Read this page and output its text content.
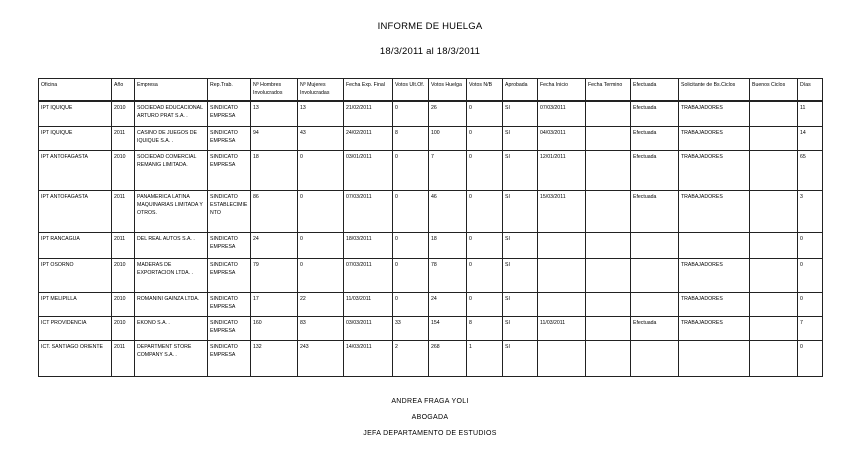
INFORME DE HUELGA
18/3/2011 al 18/3/2011
Oficina	Año	Empresa	Rep.Trab.	Nº Hombres Involucrados	Nº Mujeres Involucradas	Fecha Exp. Final	Votos Ult.Of.	Votos Huelga	Votos N/B	Aprobada	Fecha Inicio	Fecha Termino	Efectuada	Solicitante de Bs.Ciclos	Buenos Ciclos	Días
IPT IQUIQUE	2010	SOCIEDAD EDUCACIONAL ARTURO PRAT S.A. .	SINDICATO EMPRESA	13	13	21/02/2011	0	26	0	SI	07/03/2011		Efectuada	TRABAJADORES		11
IPT IQUIQUE	2011	CASINO DE JUEGOS DE IQUIQUE S.A. .	SINDICATO EMPRESA	94	43	24/02/2011	8	100	0	SI	04/03/2011		Efectuada	TRABAJADORES		14
IPT ANTOFAGASTA	2010	SOCIEDAD COMERCIAL REMANIG LIMITADA.	SINDICATO EMPRESA	18	0	03/01/2011	0	7	0	SI	12/01/2011		Efectuada	TRABAJADORES		65
IPT ANTOFAGASTA	2011	PANAMERICA LATINA MAQUINARIAS LIMITADA Y OTROS.	SINDICATO ESTABLECIMIENTO	86	0	07/03/2011	0	46	0	SI	15/03/2011		Efectuada	TRABAJADORES		3
IPT RANCAGUA	2011	DEL REAL AUTOS S.A. .	SINDICATO EMPRESA	24	0	18/03/2011	0	18	0	SI						0
IPT OSORNO	2010	MADERAS DE EXPORTACION LTDA. .	SINDICATO EMPRESA	79	0	07/03/2011	0	78	0	SI				TRABAJADORES		0
IPT MELIPILLA	2010	ROMANINI GAINZA LTDA.	SINDICATO EMPRESA	17	22	11/03/2011	0	24	0	SI				TRABAJADORES		0
ICT PROVIDENCIA	2010	EKONO S.A. .	SINDICATO EMPRESA	160	83	03/03/2011	33	154	8	SI	11/03/2011		Efectuada	TRABAJADORES		7
ICT. SANTIAGO ORIENTE	2011	DEPARTMENT STORE COMPANY S.A. .	SINDICATO EMPRESA	132	243	14/03/2011	2	268	1	SI						0
ANDREA FRAGA YOLI
ABOGADA
JEFA DEPARTAMENTO DE ESTUDIOS
